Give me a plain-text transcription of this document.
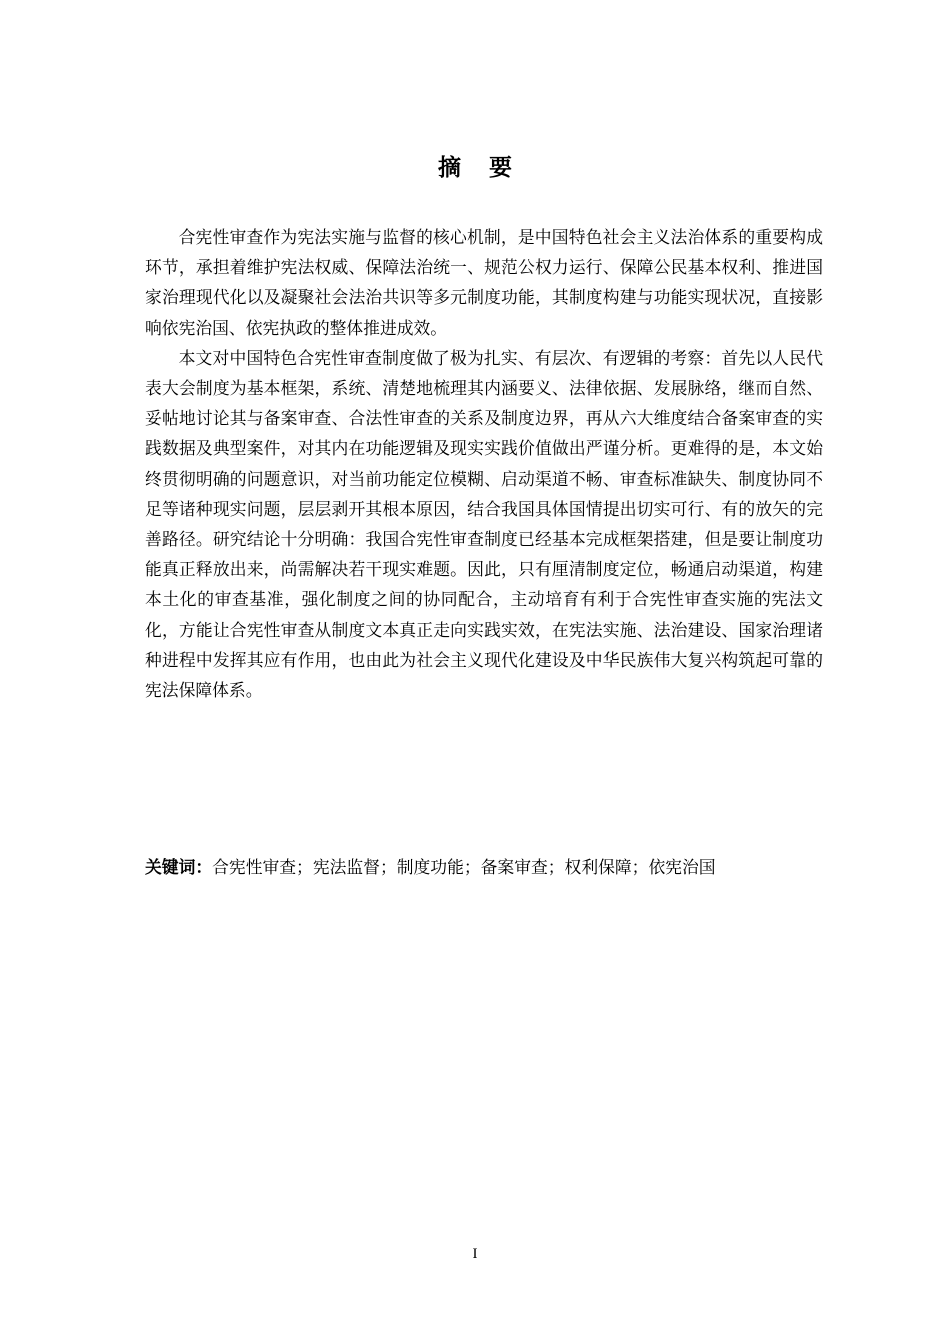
摘要

合宪性审查作为宪法实施与监督的核心机制，是中国特色社会主义法治体系的重要构成环节，承担着维护宪法权威、保障法治统一、规范公权力运行、保障公民基本权利、推进国家治理现代化以及凝聚社会法治共识等多元制度功能，其制度构建与功能实现状况，直接影响依宪治国、依宪执政的整体推进成效。

本文对中国特色合宪性审查制度做了极为扎实、有层次、有逻辑的考察：首先以人民代表大会制度为基本框架，系统、清楚地梳理其内涵要义、法律依据、发展脉络，继而自然、妥帖地讨论其与备案审查、合法性审查的关系及制度边界，再从六大维度结合备案审查的实践数据及典型案件，对其内在功能逻辑及现实实践价值做出严谨分析。更难得的是，本文始终贯彻明确的问题意识，对当前功能定位模糊、启动渠道不畅、审查标准缺失、制度协同不足等诸种现实问题，层层剥开其根本原因，结合我国具体国情提出切实可行、有的放矢的完善路径。研究结论十分明确：我国合宪性审查制度已经基本完成框架搭建，但是要让制度功能真正释放出来，尚需解决若干现实难题。因此，只有厘清制度定位，畅通启动渠道，构建本土化的审查基准，强化制度之间的协同配合，主动培育有利于合宪性审查实施的宪法文化，方能让合宪性审查从制度文本真正走向实践实效，在宪法实施、法治建设、国家治理诸种进程中发挥其应有作用，也由此为社会主义现代化建设及中华民族伟大复兴构筑起可靠的宪法保障体系。

关键词：合宪性审查；宪法监督；制度功能；备案审查；权利保障；依宪治国
I
